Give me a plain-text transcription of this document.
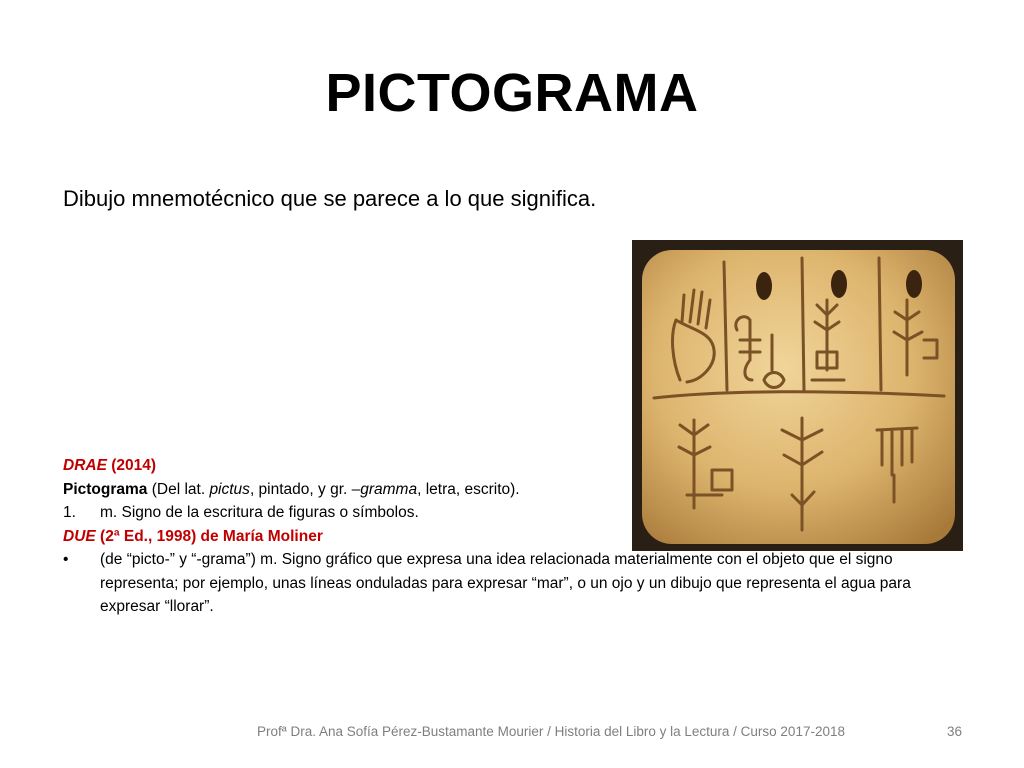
PICTOGRAMA
Dibujo mnemotécnico que se parece a lo que significa.
DRAE (2014)
Pictograma (Del lat. pictus, pintado, y gr. –gramma, letra, escrito).
1. m. Signo de la escritura de figuras o símbolos.
DUE (2ª Ed., 1998) de María Moliner
• (de “picto-” y “-grama”) m. Signo gráfico que expresa una idea relacionada materialmente con el objeto que el signo representa; por ejemplo, unas líneas onduladas para expresar “mar”, o un ojo y un dibujo que representa el agua para expresar “llorar”.
Profª Dra. Ana Sofía Pérez-Bustamante Mourier / Historia del Libro y la Lectura / Curso 2017-2018	36
